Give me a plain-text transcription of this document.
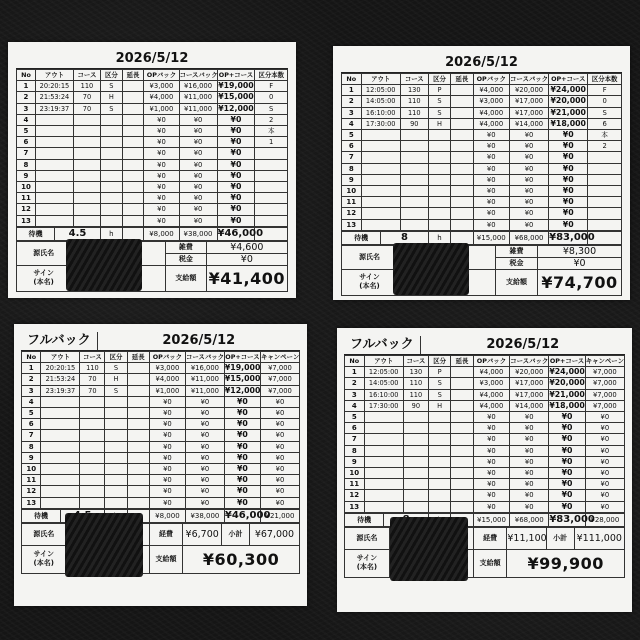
2026/5/12
No	アウト	コース	区分	延長	OPバック	コースバック	OP+コース	区分本数
1	20:20:15	110	S		¥3,000	¥16,000	¥19,000	F
2	21:53:24	70	H		¥4,000	¥11,000	¥15,000	0
3	23:19:37	70	S		¥1,000	¥11,000	¥12,000	S
4					¥0	¥0	¥0	2
5					¥0	¥0	¥0	本
6					¥0	¥0	¥0	1
7					¥0	¥0	¥0	
8					¥0	¥0	¥0	
9					¥0	¥0	¥0	
10					¥0	¥0	¥0	
11					¥0	¥0	¥0	
12					¥0	¥0	¥0	
13					¥0	¥0	¥0	
待機	4.5	h		¥8,000	¥38,000	¥46,000	
源氏名		雑費	¥4,600
		税金	¥0
サイン
(本名)		支給額	¥41,400
2026/5/12
No	アウト	コース	区分	延長	OPバック	コースバック	OP+コース	区分本数
1	12:05:00	130	P		¥4,000	¥20,000	¥24,000	F
2	14:05:00	110	S		¥3,000	¥17,000	¥20,000	0
3	16:10:00	110	S		¥4,000	¥17,000	¥21,000	S
4	17:30:00	90	H		¥4,000	¥14,000	¥18,000	6
5					¥0	¥0	¥0	本
6					¥0	¥0	¥0	2
7					¥0	¥0	¥0	
8					¥0	¥0	¥0	
9					¥0	¥0	¥0	
10					¥0	¥0	¥0	
11					¥0	¥0	¥0	
12					¥0	¥0	¥0	
13					¥0	¥0	¥0	
待機	8	h		¥15,000	¥68,000	¥83,000	
源氏名		雑費	¥8,300
		税金	¥0
サイン
(本名)		支給額	¥74,700
フルバック	2026/5/12
No	アウト	コース	区分	延長	OPバック	コースバック	OP+コース	キャンペーン
1	20:20:15	110	S		¥3,000	¥16,000	¥19,000	¥7,000
2	21:53:24	70	H		¥4,000	¥11,000	¥15,000	¥7,000
3	23:19:37	70	S		¥1,000	¥11,000	¥12,000	¥7,000
4					¥0	¥0	¥0	¥0
5					¥0	¥0	¥0	¥0
6					¥0	¥0	¥0	¥0
7					¥0	¥0	¥0	¥0
8					¥0	¥0	¥0	¥0
9					¥0	¥0	¥0	¥0
10					¥0	¥0	¥0	¥0
11					¥0	¥0	¥0	¥0
12					¥0	¥0	¥0	¥0
13					¥0	¥0	¥0	¥0
待機				¥8,000	¥38,000	¥46,000	¥21,000
源氏名		経費	¥6,700	小計	¥67,000
サイン
(本名)		支給額	¥60,300		
フルバック	2026/5/12
No	アウト	コース	区分	延長	OPバック	コースバック	OP+コース	キャンペーン
1	12:05:00	130	P		¥4,000	¥20,000	¥24,000	¥7,000
2	14:05:00	110	S		¥3,000	¥17,000	¥20,000	¥7,000
3	16:10:00	110	S		¥4,000	¥17,000	¥21,000	¥7,000
4	17:30:00	90	H		¥4,000	¥14,000	¥18,000	¥7,000
5					¥0	¥0	¥0	¥0
6					¥0	¥0	¥0	¥0
7					¥0	¥0	¥0	¥0
8					¥0	¥0	¥0	¥0
9					¥0	¥0	¥0	¥0
10					¥0	¥0	¥0	¥0
11					¥0	¥0	¥0	¥0
12					¥0	¥0	¥0	¥0
13					¥0	¥0	¥0	¥0
待機				¥15,000	¥68,000	¥83,000	¥28,000
源氏名		経費	¥11,100	小計	¥111,000
サイン
(本名)		支給額	¥99,900		
